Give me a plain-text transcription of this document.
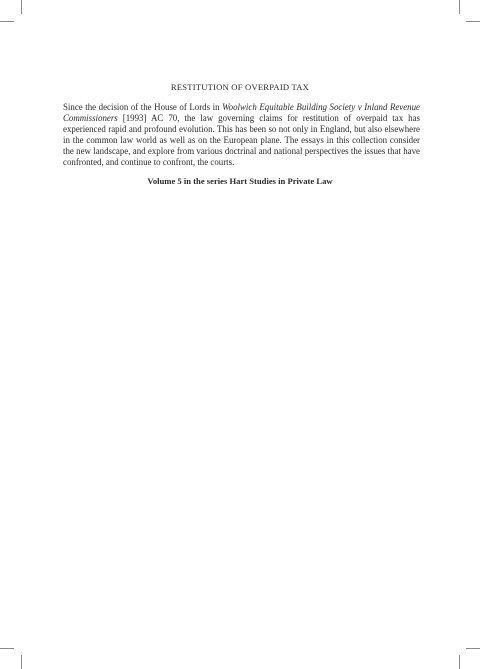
RESTITUTION OF OVERPAID TAX

Since the decision of the House of Lords in Woolwich Equitable Building Society v Inland Revenue Commissioners [1993] AC 70, the law governing claims for restitution of overpaid tax has experienced rapid and profound evolution. This has been so not only in England, but also elsewhere in the common law world as well as on the European plane. The essays in this collection consider the new landscape, and explore from various doctrinal and national perspectives the issues that have confronted, and continue to confront, the courts.

Volume 5 in the series Hart Studies in Private Law
